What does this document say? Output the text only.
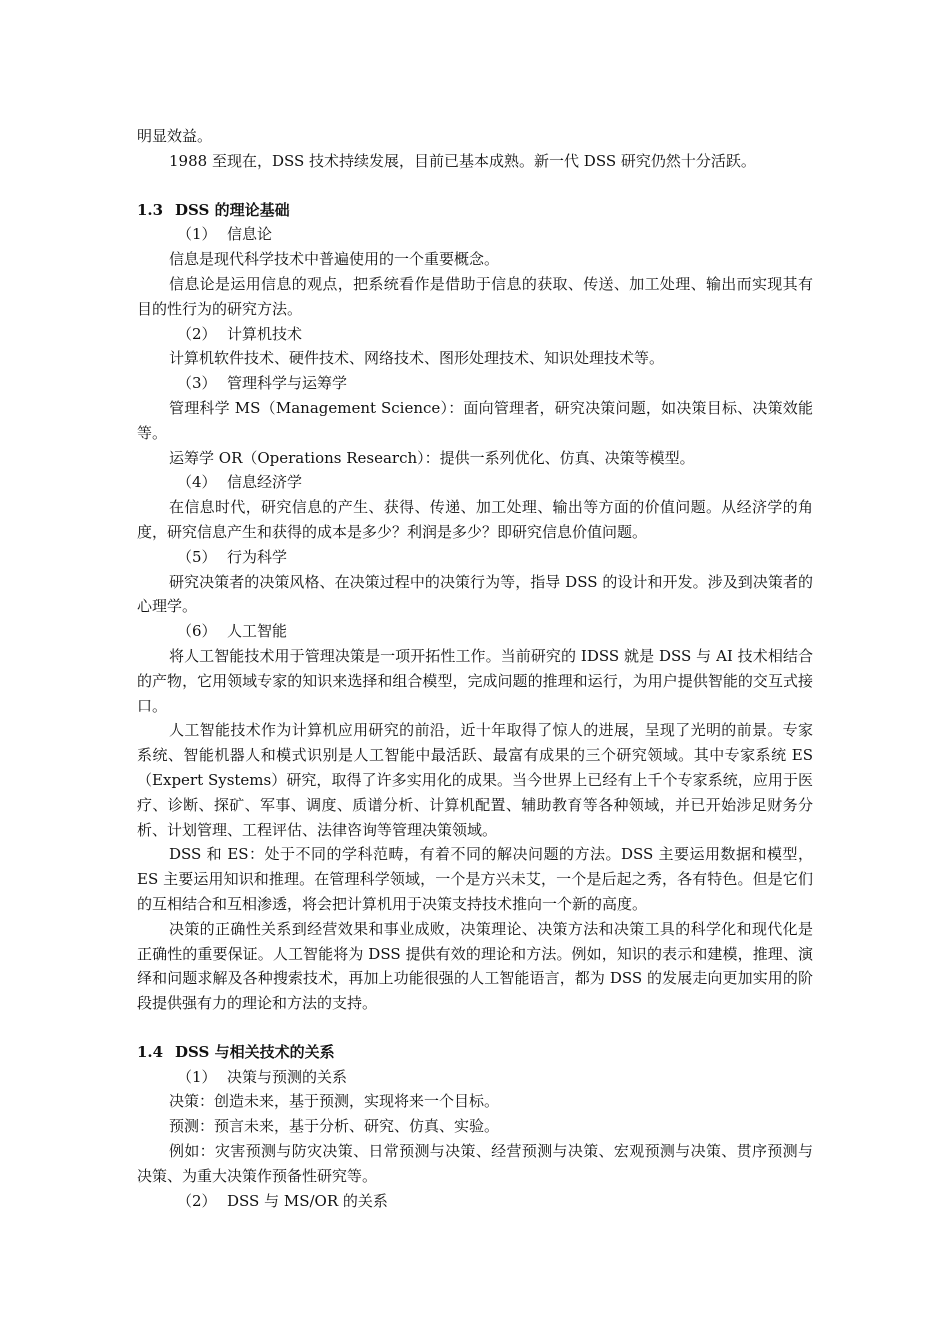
明显效益。

1988 至现在，DSS 技术持续发展，目前已基本成熟。新一代 DSS 研究仍然十分活跃。

1.3 DSS 的理论基础

（1） 信息论

信息是现代科学技术中普遍使用的一个重要概念。

信息论是运用信息的观点，把系统看作是借助于信息的获取、传送、加工处理、输出而实现其有目的性行为的研究方法。

（2） 计算机技术

计算机软件技术、硬件技术、网络技术、图形处理技术、知识处理技术等。

（3） 管理科学与运筹学

管理科学 MS（Management Science）：面向管理者，研究决策问题，如决策目标、决策效能等。

运筹学 OR（Operations Research）：提供一系列优化、仿真、决策等模型。

（4） 信息经济学

在信息时代，研究信息的产生、获得、传递、加工处理、输出等方面的价值问题。从经济学的角度，研究信息产生和获得的成本是多少？利润是多少？即研究信息价值问题。

（5） 行为科学

研究决策者的决策风格、在决策过程中的决策行为等，指导 DSS 的设计和开发。涉及到决策者的心理学。

（6） 人工智能

将人工智能技术用于管理决策是一项开拓性工作。当前研究的 IDSS 就是 DSS 与 AI 技术相结合的产物，它用领域专家的知识来选择和组合模型，完成问题的推理和运行，为用户提供智能的交互式接口。

人工智能技术作为计算机应用研究的前沿，近十年取得了惊人的进展，呈现了光明的前景。专家系统、智能机器人和模式识别是人工智能中最活跃、最富有成果的三个研究领域。其中专家系统 ES（Expert Systems）研究，取得了许多实用化的成果。当今世界上已经有上千个专家系统，应用于医疗、诊断、探矿、军事、调度、质谱分析、计算机配置、辅助教育等各种领域，并已开始涉足财务分析、计划管理、工程评估、法律咨询等管理决策领域。

DSS 和 ES：处于不同的学科范畴，有着不同的解决问题的方法。DSS 主要运用数据和模型，ES 主要运用知识和推理。在管理科学领域，一个是方兴未艾，一个是后起之秀，各有特色。但是它们的互相结合和互相渗透，将会把计算机用于决策支持技术推向一个新的高度。

决策的正确性关系到经营效果和事业成败，决策理论、决策方法和决策工具的科学化和现代化是正确性的重要保证。人工智能将为 DSS 提供有效的理论和方法。例如，知识的表示和建模，推理、演绎和问题求解及各种搜索技术，再加上功能很强的人工智能语言，都为 DSS 的发展走向更加实用的阶段提供强有力的理论和方法的支持。

1.4 DSS 与相关技术的关系

（1） 决策与预测的关系

决策：创造未来，基于预测，实现将来一个目标。

预测：预言未来，基于分析、研究、仿真、实验。

例如：灾害预测与防灾决策、日常预测与决策、经营预测与决策、宏观预测与决策、贯序预测与决策、为重大决策作预备性研究等。

（2） DSS 与 MS/OR 的关系
